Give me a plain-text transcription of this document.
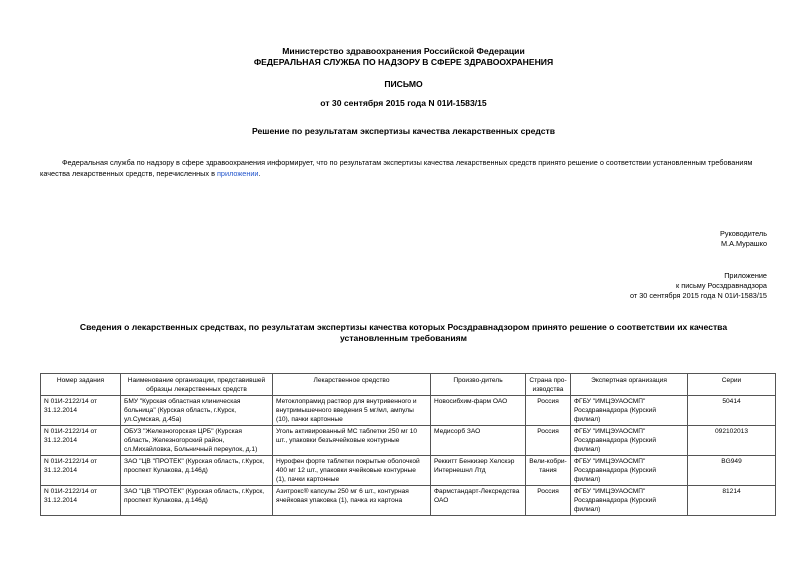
Министерство здравоохранения Российской Федерации
ФЕДЕРАЛЬНАЯ СЛУЖБА ПО НАДЗОРУ В СФЕРЕ ЗДРАВООХРАНЕНИЯ
ПИСЬМО
от 30 сентября 2015 года N 01И-1583/15
Решение по результатам экспертизы качества лекарственных средств
Федеральная служба по надзору в сфере здравоохранения информирует, что по результатам экспертизы качества лекарственных средств принято решение о соответствии установленным требованиям качества лекарственных средств, перечисленных в приложении.
Руководитель
М.А.Мурашко
Приложение
к письму Росздравнадзора
от 30 сентября 2015 года N 01И-1583/15
Сведения о лекарственных средствах, по результатам экспертизы качества которых Росздравнадзором принято решение о соответствии их качества установленным требованиям
Номер задания	Наименование организации, представившей образцы лекарственных средств	Лекарственное средство	Произво-дитель	Страна про-изводства	Экспертная организация	Серии
N 01И-2122/14 от 31.12.2014	БМУ "Курская областная клиническая больница" (Курская область, г.Курск, ул.Сумская, д.45а)	Метоклопрамид раствор для внутривенного и внутримышечного введения 5 мг/мл, ампулы (10), пачки картонные	Новосибхим-фарм ОАО	Россия	ФГБУ "ИМЦЭУАОСМП" Росздравнадзора (Курский филиал)	50414
N 01И-2122/14 от 31.12.2014	ОБУЗ "Железногорская ЦРБ" (Курская область, Железногорский район, сл.Михайловка, Больничный переулок, д.1)	Уголь активированный МС таблетки 250 мг 10 шт., упаковки безъячейковые контурные	Медисорб ЗАО	Россия	ФГБУ "ИМЦЭУАОСМП" Росздравнадзора (Курский филиал)	092102013
N 01И-2122/14 от 31.12.2014	ЗАО "ЦВ "ПРОТЕК" (Курская область, г.Курск, проспект Кулакова, д.146д)	Нурофен форте таблетки покрытые оболочкой 400 мг 12 шт., упаковки ячейковые контурные (1), пачки картонные	Реккитт Бенкизер Хелскэр Интернешнл Лтд	Вели-кобри-тания	ФГБУ "ИМЦЭУАОСМП" Росздравнадзора (Курский филиал)	BG949
N 01И-2122/14 от 31.12.2014	ЗАО "ЦВ "ПРОТЕК" (Курская область, г.Курск, проспект Кулакова, д.146д)	Азитрокс® капсулы 250 мг 6 шт., контурная ячейковая упаковка (1), пачка из картона	Фармстандарт-Лексредства ОАО	Россия	ФГБУ "ИМЦЭУАОСМП" Росздравнадзора (Курский филиал)	81214
